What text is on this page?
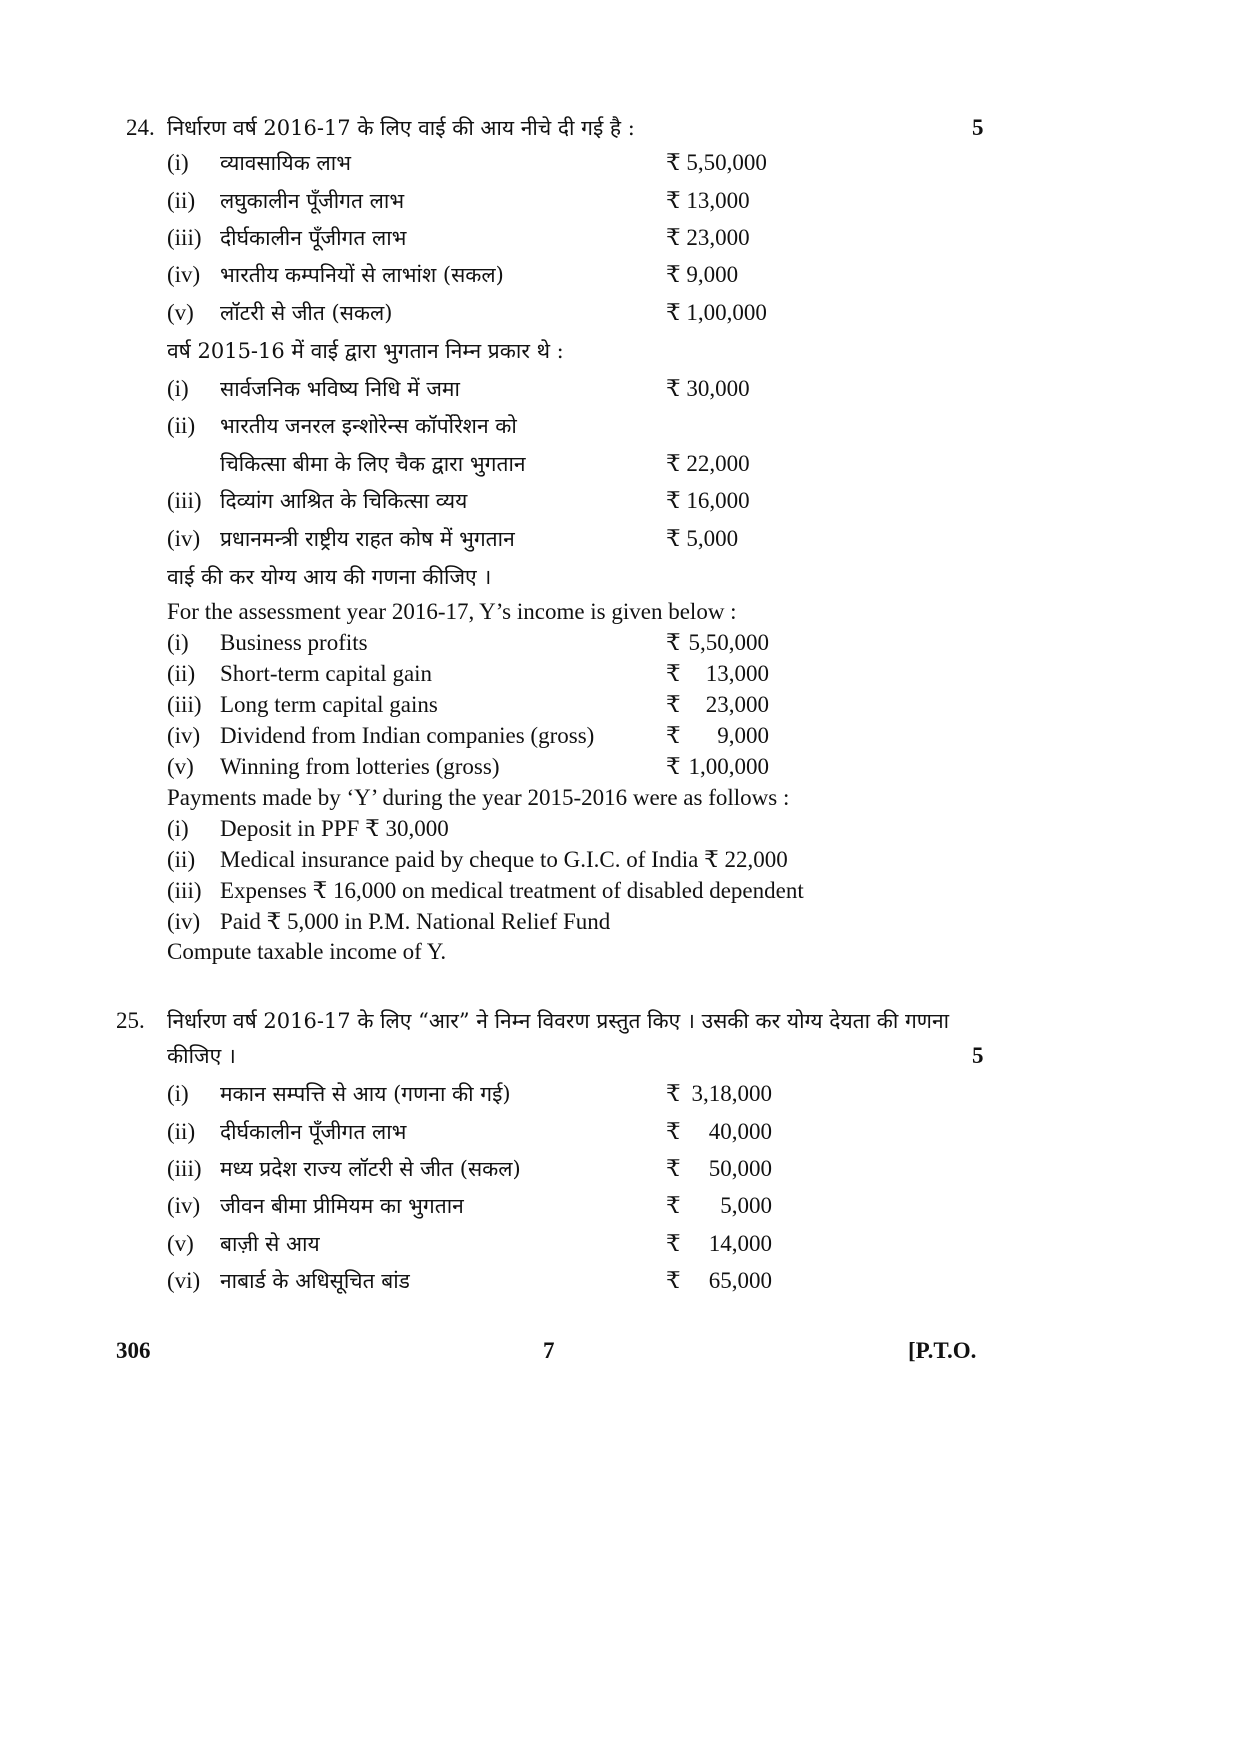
24. निर्धारण वर्ष 2016-17 के लिए वाई की आय नीचे दी गई है :	5
(i) व्यावसायिक लाभ	₹ 5,50,000
(ii) लघुकालीन पूँजीगत लाभ	₹ 13,000
(iii) दीर्घकालीन पूँजीगत लाभ	₹ 23,000
(iv) भारतीय कम्पनियों से लाभांश (सकल)	₹ 9,000
(v) लॉटरी से जीत (सकल)	₹ 1,00,000
वर्ष 2015-16 में वाई द्वारा भुगतान निम्न प्रकार थे :
(i) सार्वजनिक भविष्य निधि में जमा	₹ 30,000
(ii) भारतीय जनरल इन्शोरेन्स कॉर्पोरेशन को
चिकित्सा बीमा के लिए चैक द्वारा भुगतान	₹ 22,000
(iii) दिव्यांग आश्रित के चिकित्सा व्यय	₹ 16,000
(iv) प्रधानमन्त्री राष्ट्रीय राहत कोष में भुगतान	₹ 5,000
वाई की कर योग्य आय की गणना कीजिए ।
For the assessment year 2016-17, Y’s income is given below :
(i) Business profits	₹ 5,50,000
(ii) Short-term capital gain	₹	13,000
(iii) Long term capital gains	₹	23,000
(iv) Dividend from Indian companies (gross)	₹	9,000
(v) Winning from lotteries (gross)	₹ 1,00,000
Payments made by ‘Y’ during the year 2015-2016 were as follows :
(i) Deposit in PPF ₹ 30,000
(ii) Medical insurance paid by cheque to G.I.C. of India ₹ 22,000
(iii) Expenses ₹ 16,000 on medical treatment of disabled dependent
(iv) Paid ₹ 5,000 in P.M. National Relief Fund
Compute taxable income of Y.
25. निर्धारण वर्ष 2016-17 के लिए “आर” ने निम्न विवरण प्रस्तुत किए । उसकी कर योग्य देयता की गणना
कीजिए ।	5
(i) मकान सम्पत्ति से आय (गणना की गई)	₹ 3,18,000
(ii) दीर्घकालीन पूँजीगत लाभ	₹	40,000
(iii) मध्य प्रदेश राज्य लॉटरी से जीत (सकल)	₹	50,000
(iv) जीवन बीमा प्रीमियम का भुगतान	₹	5,000
(v) बाज़ी से आय	₹	14,000
(vi) नाबार्ड के अधिसूचित बांड	₹	65,000
306	7	[P.T.O.
